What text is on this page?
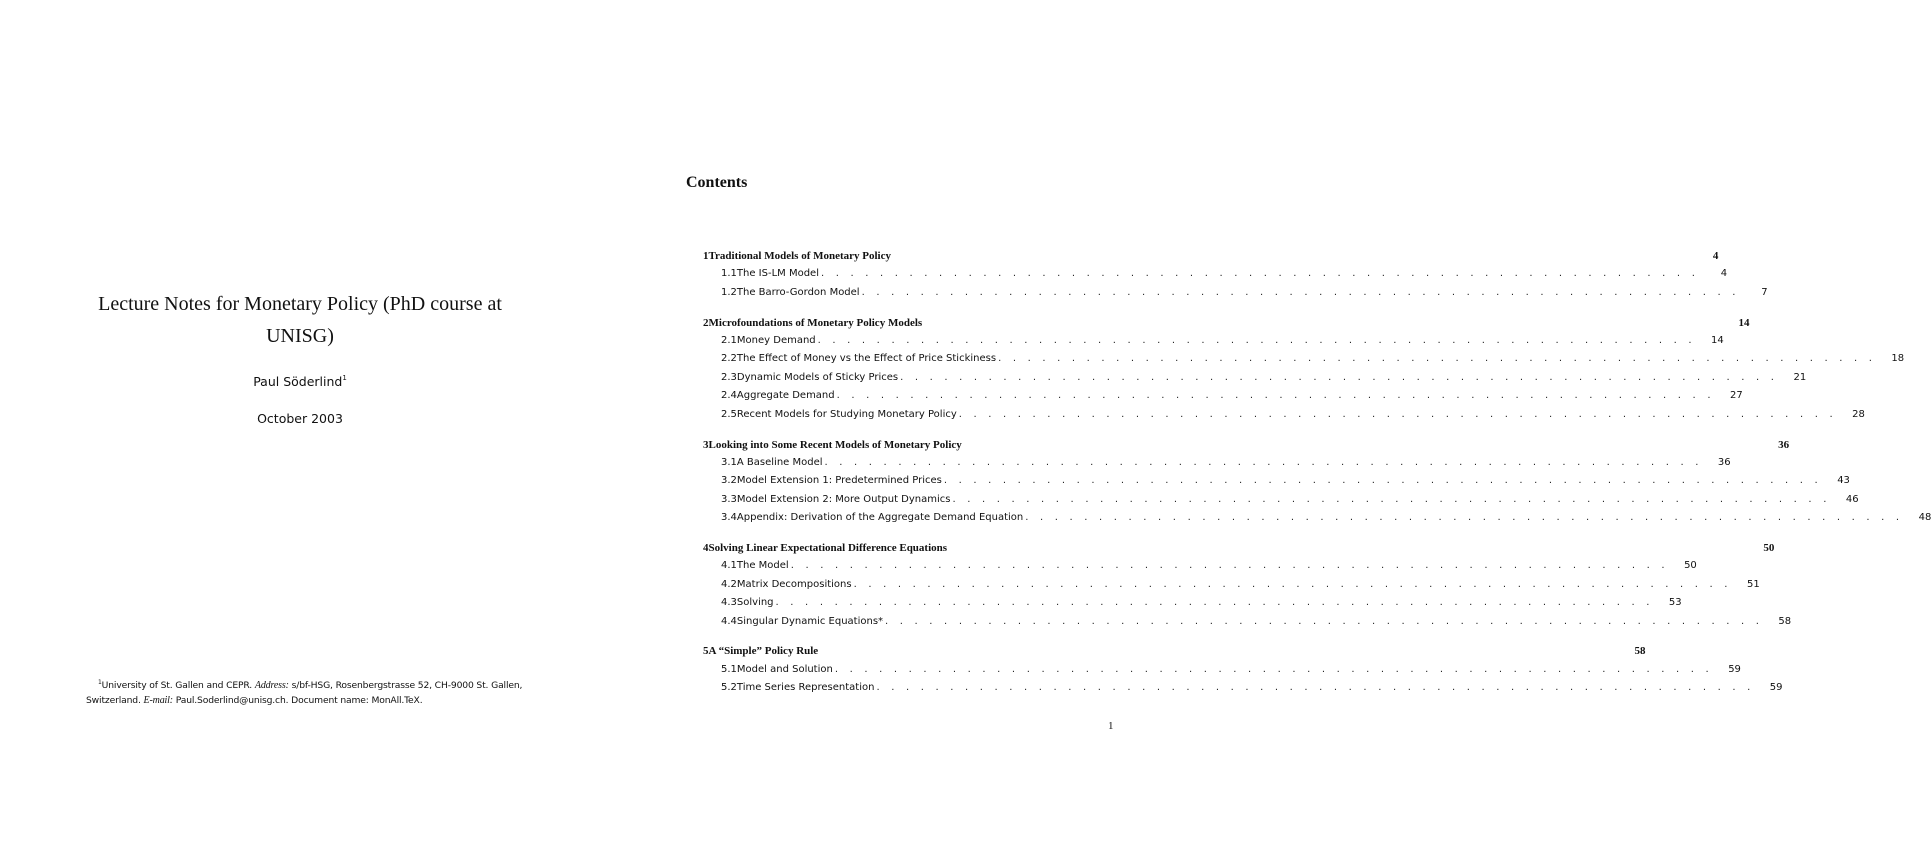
Lecture Notes for Monetary Policy (PhD course at UNISG)
Paul Söderlind$^1$
October 2003
$^1$University of St. Gallen and CEPR. Address: s/bf-HSG, Rosenbergstrasse 52, CH-9000 St. Gallen, Switzerland. E-mail: Paul.Soderlind@unisg.ch. Document name: MonAll.TeX.
Contents
1 Traditional Models of Monetary Policy	4
1.1 The IS-LM Model . . . . . . . . . . . . . . . . . . . . . . . . . . . . . . . . . . . . . . . . . . . . . . . . . . . . . . . . . . . .	4
1.2 The Barro-Gordon Model . . . . . . . . . . . . . . . . . . . . . . . . . . . . . . . . . . . . . . . . . . . . . . . . . . . . . . . . . . . .	7
2 Microfoundations of Monetary Policy Models	14
2.1 Money Demand . . . . . . . . . . . . . . . . . . . . . . . . . . . . . . . . . . . . . . . . . . . . . . . . . . . . . . . . . . . .	14
2.2 The Effect of Money vs the Effect of Price Stickiness . . . . . . . . . . . . . . . . . . . . . . . . . . . . . . . . . . . . . . . . . . . . . . . . . . . . . . . . . . . .	18
2.3 Dynamic Models of Sticky Prices . . . . . . . . . . . . . . . . . . . . . . . . . . . . . . . . . . . . . . . . . . . . . . . . . . . . . . . . . . . .	21
2.4 Aggregate Demand . . . . . . . . . . . . . . . . . . . . . . . . . . . . . . . . . . . . . . . . . . . . . . . . . . . . . . . . . . . .	27
2.5 Recent Models for Studying Monetary Policy . . . . . . . . . . . . . . . . . . . . . . . . . . . . . . . . . . . . . . . . . . . . . . . . . . . . . . . . . . . .	28
3 Looking into Some Recent Models of Monetary Policy	36
3.1 A Baseline Model . . . . . . . . . . . . . . . . . . . . . . . . . . . . . . . . . . . . . . . . . . . . . . . . . . . . . . . . . . . .	36
3.2 Model Extension 1: Predetermined Prices . . . . . . . . . . . . . . . . . . . . . . . . . . . . . . . . . . . . . . . . . . . . . . . . . . . . . . . . . . . .	43
3.3 Model Extension 2: More Output Dynamics . . . . . . . . . . . . . . . . . . . . . . . . . . . . . . . . . . . . . . . . . . . . . . . . . . . . . . . . . . . .	46
3.4 Appendix: Derivation of the Aggregate Demand Equation . . . . . . . . . . . . . . . . . . . . . . . . . . . . . . . . . . . . . . . . . . . . . . . . . . . . . . . . . . . .	48
4 Solving Linear Expectational Difference Equations	50
4.1 The Model . . . . . . . . . . . . . . . . . . . . . . . . . . . . . . . . . . . . . . . . . . . . . . . . . . . . . . . . . . . .	50
4.2 Matrix Decompositions . . . . . . . . . . . . . . . . . . . . . . . . . . . . . . . . . . . . . . . . . . . . . . . . . . . . . . . . . . . .	51
4.3 Solving . . . . . . . . . . . . . . . . . . . . . . . . . . . . . . . . . . . . . . . . . . . . . . . . . . . . . . . . . . . .	53
4.4 Singular Dynamic Equations* . . . . . . . . . . . . . . . . . . . . . . . . . . . . . . . . . . . . . . . . . . . . . . . . . . . . . . . . . . . .	58
5 A “Simple” Policy Rule	58
5.1 Model and Solution . . . . . . . . . . . . . . . . . . . . . . . . . . . . . . . . . . . . . . . . . . . . . . . . . . . . . . . . . . . .	59
5.2 Time Series Representation . . . . . . . . . . . . . . . . . . . . . . . . . . . . . . . . . . . . . . . . . . . . . . . . . . . . . . . . . . . .	59
1
